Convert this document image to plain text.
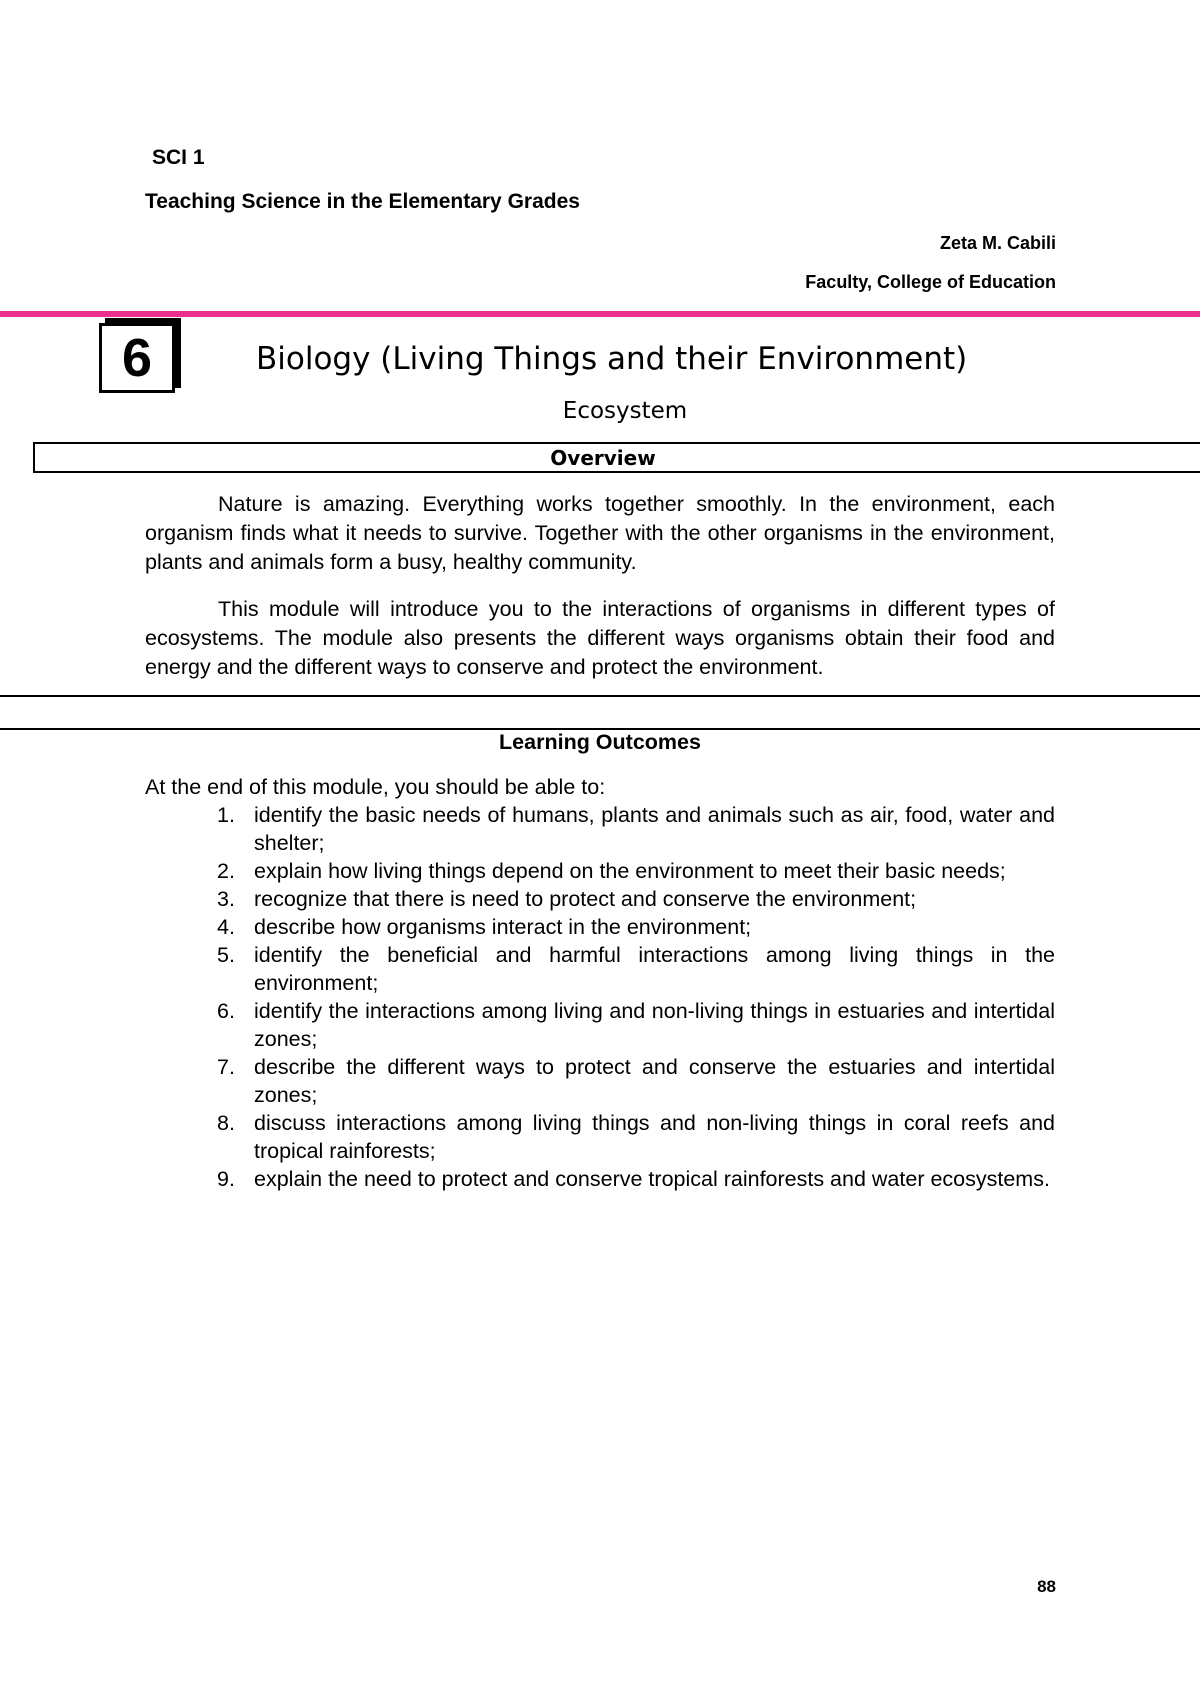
SCI 1
Teaching Science in the Elementary Grades
Zeta M. Cabili
Faculty, College of Education
6	Biology (Living Things and their Environment)
Ecosystem
Overview
Nature is amazing. Everything works together smoothly. In the environment, each organism finds what it needs to survive. Together with the other organisms in the environment, plants and animals form a busy, healthy community.
This module will introduce you to the interactions of organisms in different types of ecosystems. The module also presents the different ways organisms obtain their food and energy and the different ways to conserve and protect the environment.
Learning Outcomes
At the end of this module, you should be able to:
1. identify the basic needs of humans, plants and animals such as air, food, water and shelter;
2. explain how living things depend on the environment to meet their basic needs;
3. recognize that there is need to protect and conserve the environment;
4. describe how organisms interact in the environment;
5. identify the beneficial and harmful interactions among living things in the environment;
6. identify the interactions among living and non-living things in estuaries and intertidal zones;
7. describe the different ways to protect and conserve the estuaries and intertidal zones;
8. discuss interactions among living things and non-living things in coral reefs and tropical rainforests;
9. explain the need to protect and conserve tropical rainforests and water ecosystems.
88
